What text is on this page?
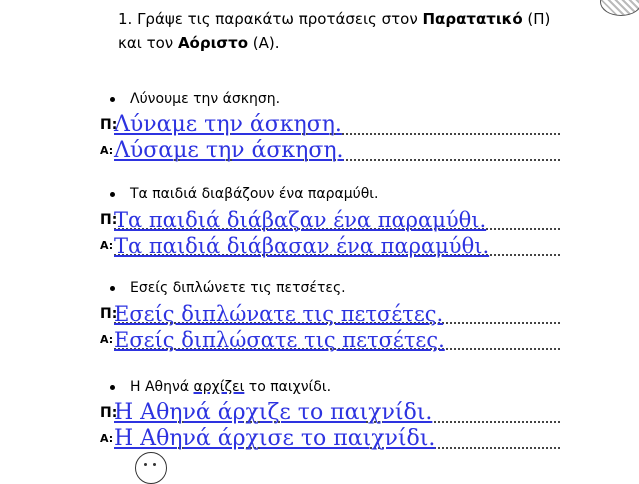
1. Γράψε τις παρακάτω προτάσεις στον Παρατατικό (Π)
και τον Αόριστο (Α).
Λύνουμε την άσκηση.
Π:
Λύναμε την άσκηση.
A: Λύσαμε την άσκηση.
Τα παιδιά διαβάζουν ένα παραμύθι.
Π:
Τα παιδιά διάβαζαν ένα παραμύθι.
A: Τα παιδιά διάβασαν ένα παραμύθι.
Εσείς διπλώνετε τις πετσέτες.
Π:
Εσείς διπλώνατε τις πετσέτες.
A: Εσείς διπλώσατε τις πετσέτες.
Η Αθηνά αρχίζει το παιχνίδι.
Π:
Η Αθηνά άρχιζε το παιχνίδι.
A: Η Αθηνά άρχισε το παιχνίδι.
